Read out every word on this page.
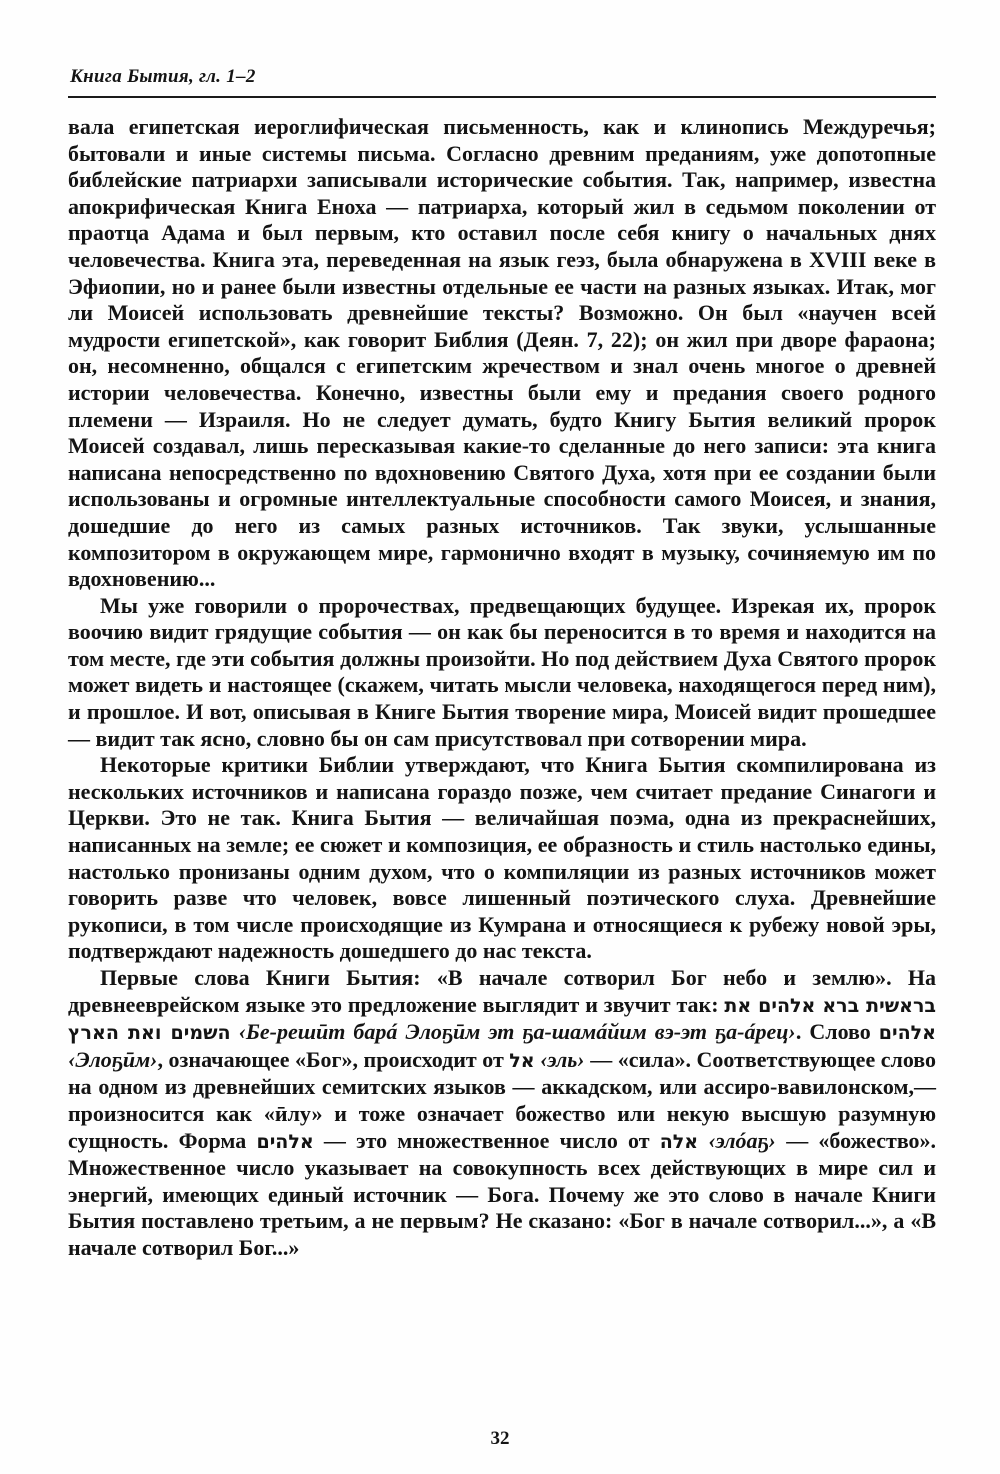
Книга Бытия, гл. 1–2

вала египетская иероглифическая письменность, как и клинопись Междуречья; бытовали и иные системы письма. Согласно древним преданиям, уже допотопные библейские патриархи записывали исторические события. Так, например, известна апокрифическая Книга Еноха — патриарха, который жил в седьмом поколении от праотца Адама и был первым, кто оставил после себя книгу о начальных днях человечества. Книга эта, переведенная на язык геэз, была обнаружена в XVIII веке в Эфиопии, но и ранее были известны отдельные ее части на разных языках. Итак, мог ли Моисей использовать древнейшие тексты? Возможно. Он был «научен всей мудрости египетской», как говорит Библия (Деян. 7, 22); он жил при дворе фараона; он, несомненно, общался с египетским жречеством и знал очень многое о древней истории человечества. Конечно, известны были ему и предания своего родного племени — Израиля. Но не следует думать, будто Книгу Бытия великий пророк Моисей создавал, лишь пересказывая какие-то сделанные до него записи: эта книга написана непосредственно по вдохновению Святого Духа, хотя при ее создании были использованы и огромные интеллектуальные способности самого Моисея, и знания, дошедшие до него из самых разных источников. Так звуки, услышанные композитором в окружающем мире, гармонично входят в музыку, сочиняемую им по вдохновению...

Мы уже говорили о пророчествах, предвещающих будущее. Изрекая их, пророк воочию видит грядущие события — он как бы переносится в то время и находится на том месте, где эти события должны произойти. Но под действием Духа Святого пророк может видеть и настоящее (скажем, читать мысли человека, находящегося перед ним), и прошлое. И вот, описывая в Книге Бытия творение мира, Моисей видит прошедшее — видит так ясно, словно бы он сам присутствовал при сотворении мира.

Некоторые критики Библии утверждают, что Книга Бытия скомпилирована из нескольких источников и написана гораздо позже, чем считает предание Синагоги и Церкви. Это не так. Книга Бытия — величайшая поэма, одна из прекраснейших, написанных на земле; ее сюжет и композиция, ее образность и стиль настолько едины, настолько пронизаны одним духом, что о компиляции из разных источников может говорить разве что человек, вовсе лишенный поэтического слуха. Древнейшие рукописи, в том числе происходящие из Кумрана и относящиеся к рубежу новой эры, подтверждают надежность дошедшего до нас текста.

Первые слова Книги Бытия: «В начале сотворил Бог небо и землю». На древнееврейском языке это предложение выглядит и звучит так: בראשית ברא אלהים את השמים ואת הארץ ‹Бе-решӣт барá Элоҕӣм эт ҕа-шамáйим вэ-эт ҕа-áрец›. Слово אלהים ‹Элоҕӣм›, означающее «Бог», происходит от אל ‹эль› — «сила». Соответствующее слово на одном из древнейших семитских языков — аккадском, или ассиро-вавилонском,— произносится как «ӣлу» и тоже означает божество или некую высшую разумную сущность. Форма אלהים — это множественное число от אלה ‹элóаҕ› — «божество». Множественное число указывает на совокупность всех действующих в мире сил и энергий, имеющих единый источник — Бога. Почему же это слово в начале Книги Бытия поставлено третьим, а не первым? Не сказано: «Бог в начале сотворил...», а «В начале сотворил Бог...»

32
